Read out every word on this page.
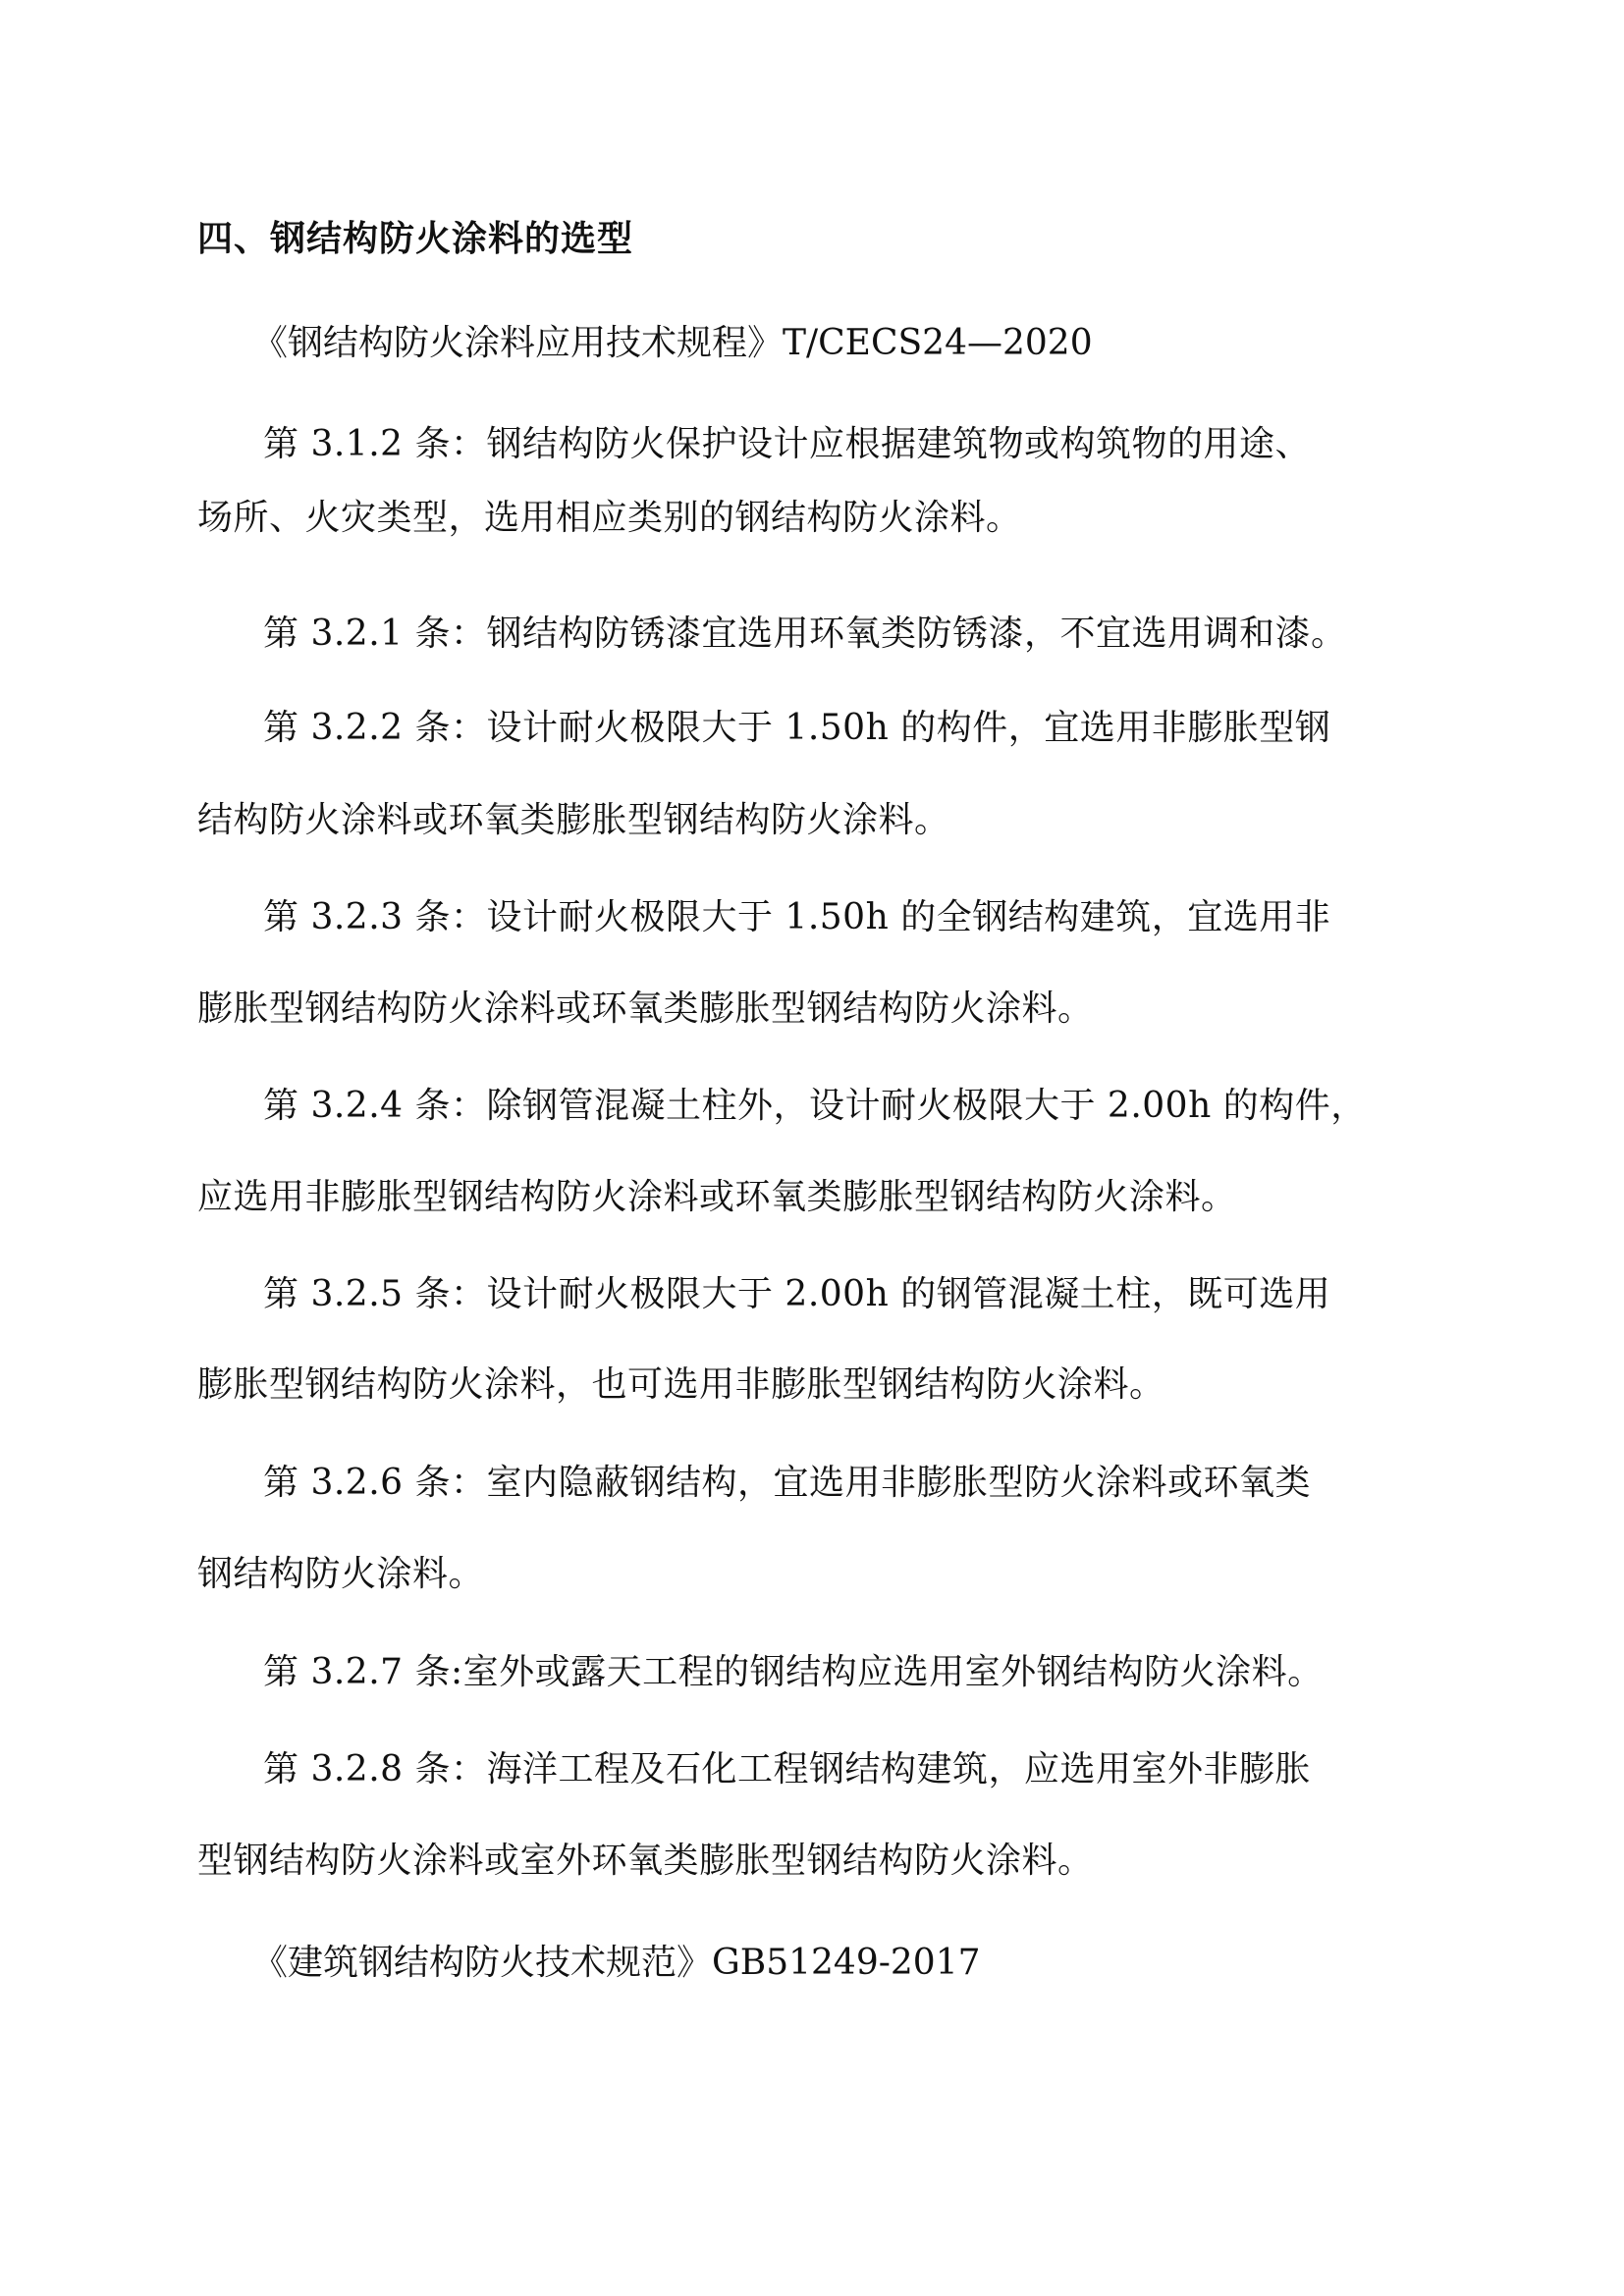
四、钢结构防火涂料的选型
《钢结构防火涂料应用技术规程》T/CECS24—2020
第 3.1.2 条：钢结构防火保护设计应根据建筑物或构筑物的用途、
场所、火灾类型，选用相应类别的钢结构防火涂料。
第 3.2.1 条：钢结构防锈漆宜选用环氧类防锈漆，不宜选用调和漆。
第 3.2.2 条：设计耐火极限大于 1.50h 的构件，宜选用非膨胀型钢
结构防火涂料或环氧类膨胀型钢结构防火涂料。
第 3.2.3 条：设计耐火极限大于 1.50h 的全钢结构建筑，宜选用非
膨胀型钢结构防火涂料或环氧类膨胀型钢结构防火涂料。
第 3.2.4 条：除钢管混凝土柱外，设计耐火极限大于 2.00h 的构件，
应选用非膨胀型钢结构防火涂料或环氧类膨胀型钢结构防火涂料。
第 3.2.5 条：设计耐火极限大于 2.00h 的钢管混凝土柱，既可选用
膨胀型钢结构防火涂料，也可选用非膨胀型钢结构防火涂料。
第 3.2.6 条：室内隐蔽钢结构，宜选用非膨胀型防火涂料或环氧类
钢结构防火涂料。
第 3.2.7 条:室外或露天工程的钢结构应选用室外钢结构防火涂料。
第 3.2.8 条：海洋工程及石化工程钢结构建筑，应选用室外非膨胀
型钢结构防火涂料或室外环氧类膨胀型钢结构防火涂料。
《建筑钢结构防火技术规范》GB51249-2017
